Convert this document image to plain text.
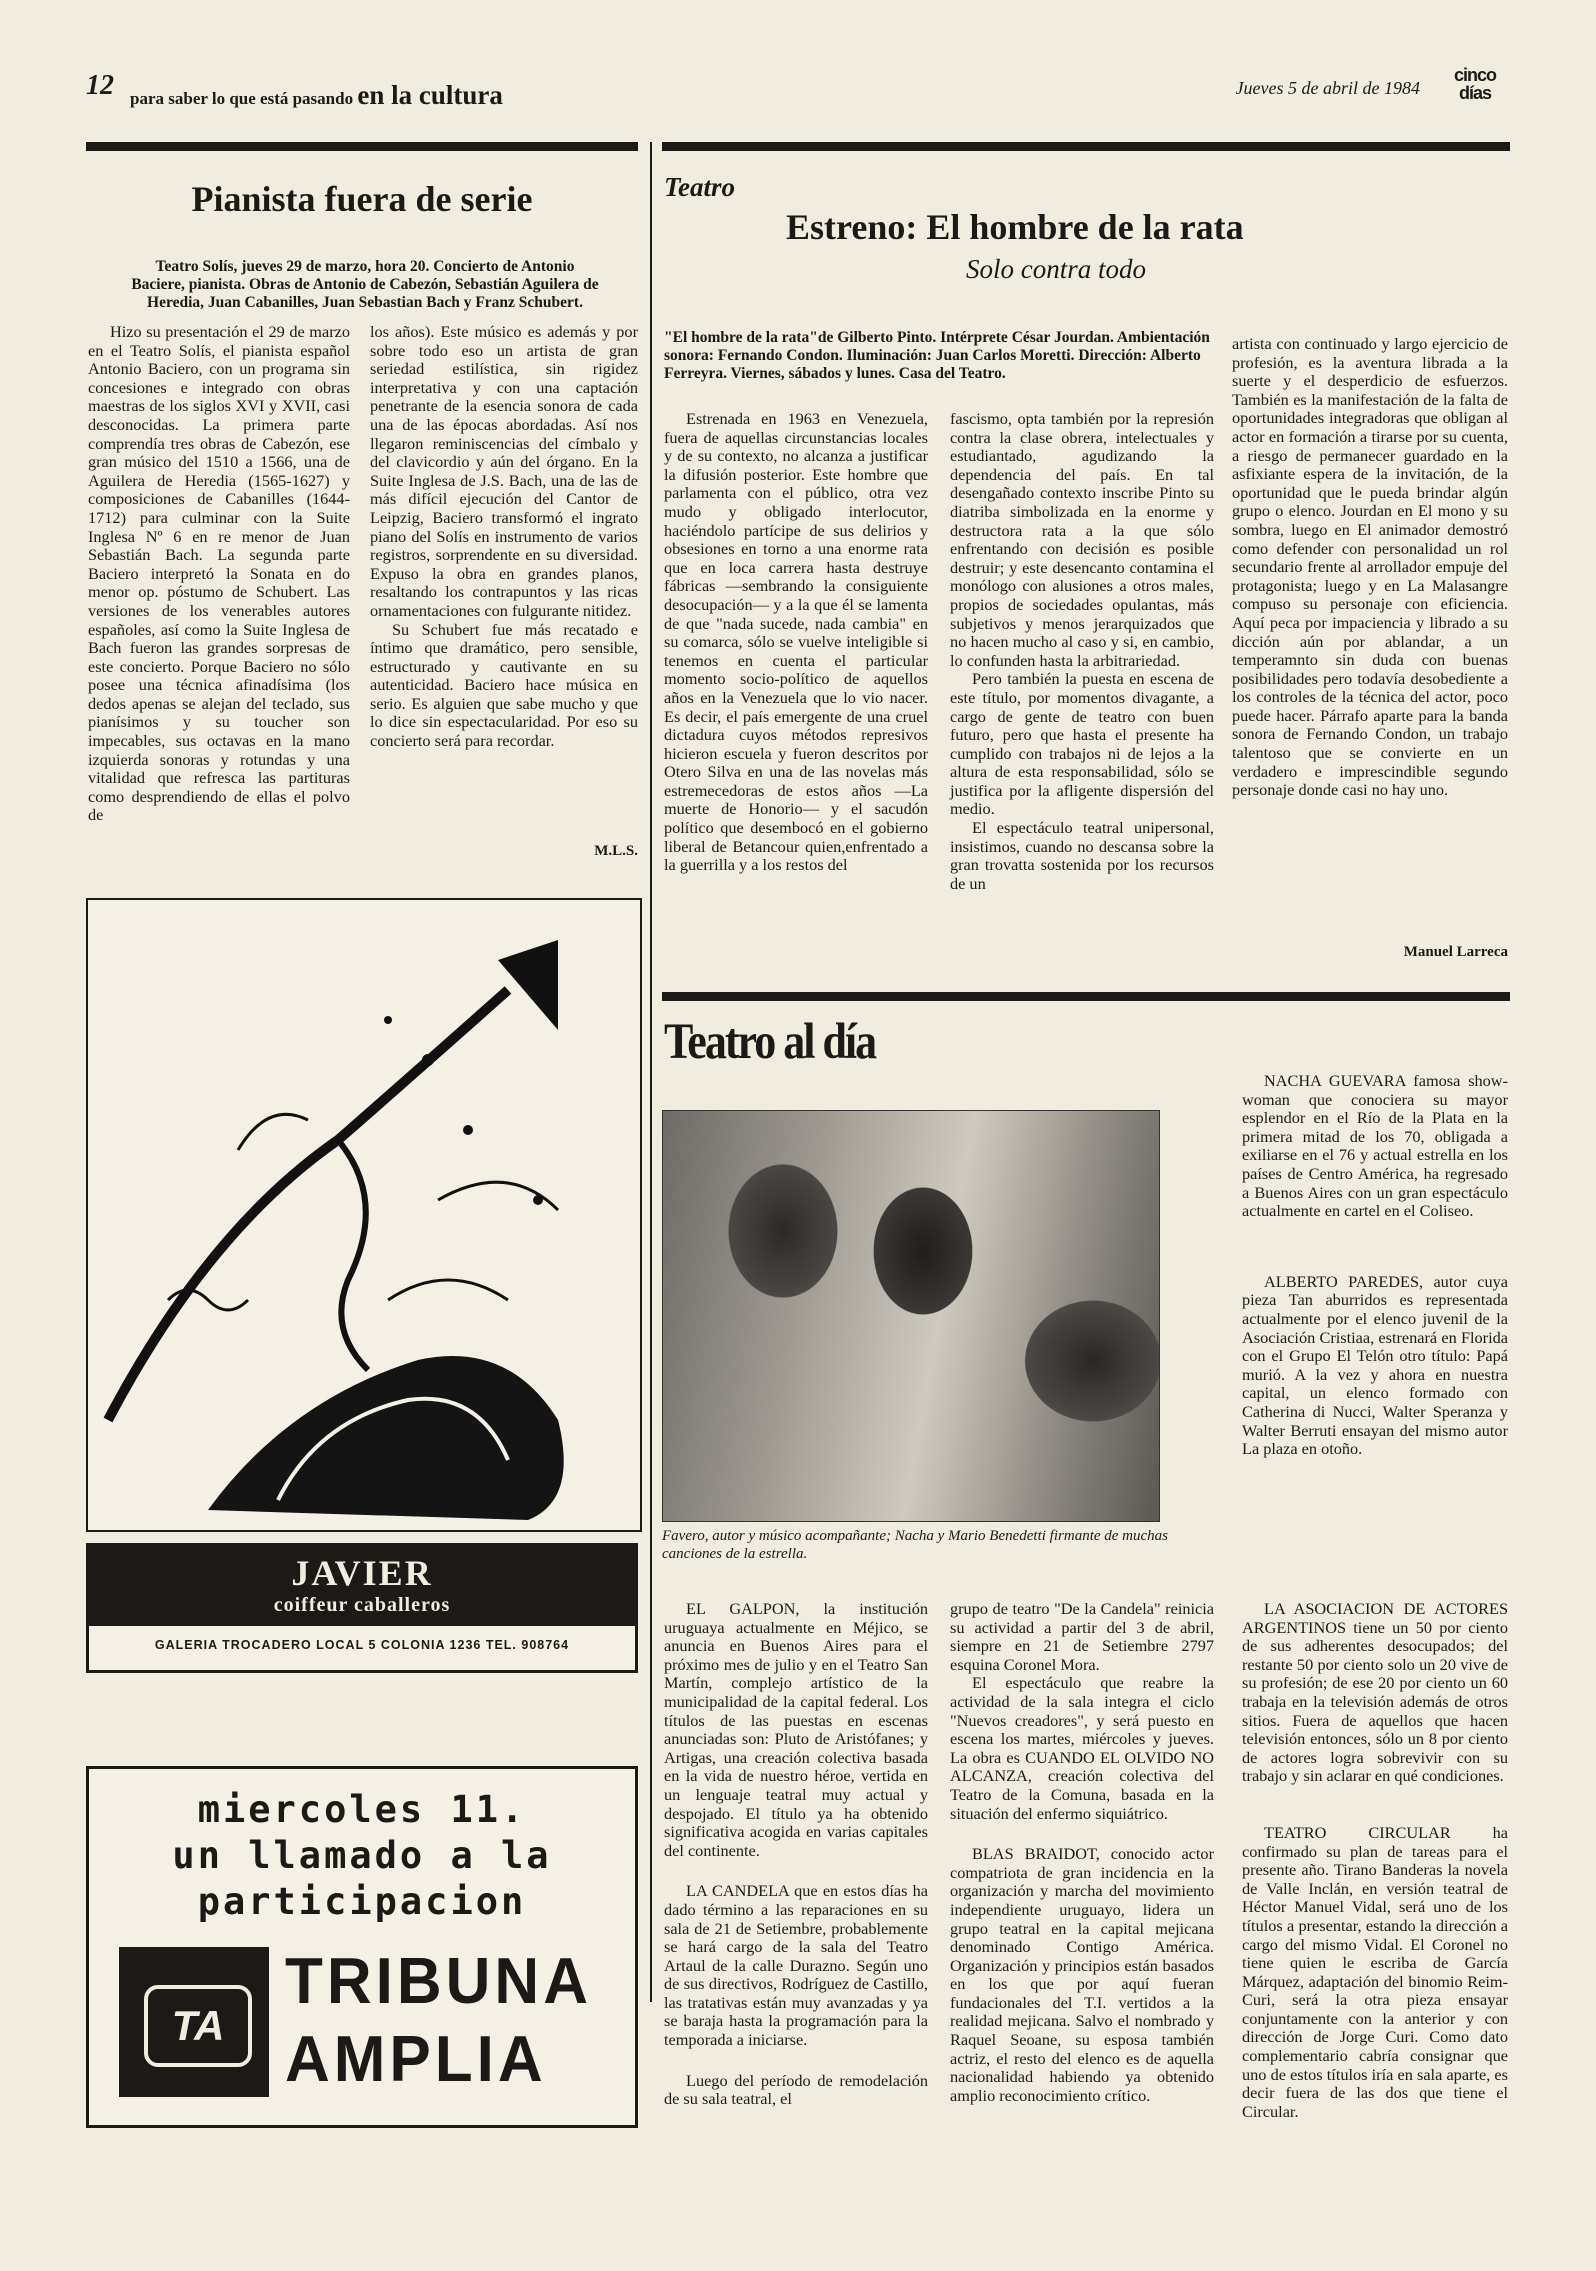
12 para saber lo que está pasando en la cultura	Jueves 5 de abril de 1984
cinco
días
Pianista fuera de serie
Teatro Solís, jueves 29 de marzo, hora 20. Concierto de Antonio Baciere, pianista. Obras de Antonio de Cabezón, Sebastián Aguilera de Heredia, Juan Cabanilles, Juan Sebastian Bach y Franz Schubert.

Hizo su presentación el 29 de marzo en el Teatro Solís, el pianista español Antonio Baciero, con un programa sin concesiones e integrado con obras maestras de los siglos XVI y XVII, casi desconocidas. La primera parte comprendía tres obras de Cabezón, ese gran músico del 1510 a 1566, una de Aguilera de Heredia (1565-1627) y composiciones de Cabanilles (1644-1712) para culminar con la Suite Inglesa Nº 6 en re menor de Juan Sebastián Bach. La segunda parte Baciero interpretó la Sonata en do menor op. póstumo de Schubert. Las versiones de los venerables autores españoles, así como la Suite Inglesa de Bach fueron las grandes sorpresas de este concierto. Porque Baciero no sólo posee una técnica afinadísima (los dedos apenas se alejan del teclado, sus pianísimos y su toucher son impecables, sus octavas en la mano izquierda sonoras y rotundas y una vitalidad que refresca las partituras como desprendiendo de ellas el polvo de

los años). Este músico es además y por sobre todo eso un artista de gran seriedad estilística, sin rigidez interpretativa y con una captación penetrante de la esencia sonora de cada una de las épocas abordadas. Así nos llegaron reminiscencias del címbalo y del clavicordio y aún del órgano. En la Suite Inglesa de J.S. Bach, una de las de más difícil ejecución del Cantor de Leipzig, Baciero transformó el ingrato piano del Solís en instrumento de varios registros, sorprendente en su diversidad. Expuso la obra en grandes planos, resaltando los contrapuntos y las ricas ornamentaciones con fulgurante nitidez.

Su Schubert fue más recatado e íntimo que dramático, pero sensible, estructurado y cautivante en su autenticidad. Baciero hace música en serio. Es alguien que sabe mucho y que lo dice sin espectacularidad. Por eso su concierto será para recordar.

M.L.S.
JAVIER
coiffeur caballeros
GALERIA TROCADERO LOCAL 5 COLONIA 1236 TEL. 908764
miercoles 11.
un llamado a la
participacion
TA
TRIBUNA
AMPLIA
Teatro
Estreno: El hombre de la rata
Solo contra todo
"El hombre de la rata"de Gilberto Pinto. Intérprete César Jourdan. Ambientación sonora: Fernando Condon. Iluminación: Juan Carlos Moretti. Dirección: Alberto Ferreyra. Viernes, sábados y lunes. Casa del Teatro.

Estrenada en 1963 en Venezuela, fuera de aquellas circunstancias locales y de su contexto, no alcanza a justificar la difusión posterior. Este hombre que parlamenta con el público, otra vez mudo y obligado interlocutor, haciéndolo partícipe de sus delirios y obsesiones en torno a una enorme rata que en loca carrera hasta destruye fábricas —sembrando la consiguiente desocupación— y a la que él se lamenta de que "nada sucede, nada cambia" en su comarca, sólo se vuelve inteligible si tenemos en cuenta el particular momento socio-político de aquellos años en la Venezuela que lo vio nacer. Es decir, el país emergente de una cruel dictadura cuyos métodos represivos hicieron escuela y fueron descritos por Otero Silva en una de las novelas más estremecedoras de estos años —La muerte de Honorio— y el sacudón político que desembocó en el gobierno liberal de Betancour quien,enfrentado a la guerrilla y a los restos del

fascismo, opta también por la represión contra la clase obrera, intelectuales y estudiantado, agudizando la dependencia del país. En tal desengañado contexto inscribe Pinto su diatriba simbolizada en la enorme y destructora rata a la que sólo enfrentando con decisión es posible destruir; y este desencanto contamina el monólogo con alusiones a otros males, propios de sociedades opulantas, más subjetivos y menos jerarquizados que no hacen mucho al caso y si, en cambio, lo confunden hasta la arbitrariedad.

Pero también la puesta en escena de este título, por momentos divagante, a cargo de gente de teatro con buen futuro, pero que hasta el presente ha cumplido con trabajos ni de lejos a la altura de esta responsabilidad, sólo se justifica por la afligente dispersión del medio.

El espectáculo teatral unipersonal, insistimos, cuando no descansa sobre la gran trovatta sostenida por los recursos de un

artista con continuado y largo ejercicio de profesión, es la aventura librada a la suerte y el desperdicio de esfuerzos. También es la manifestación de la falta de oportunidades integradoras que obligan al actor en formación a tirarse por su cuenta, a riesgo de permanecer guardado en la asfixiante espera de la invitación, de la oportunidad que le pueda brindar algún grupo o elenco. Jourdan en El mono y su sombra, luego en El animador demostró como defender con personalidad un rol secundario frente al arrollador empuje del protagonista; luego y en La Malasangre compuso su personaje con eficiencia. Aquí peca por impaciencia y librado a su dicción aún por ablandar, a un temperamnto sin duda con buenas posibilidades pero todavía desobediente a los controles de la técnica del actor, poco puede hacer. Párrafo aparte para la banda sonora de Fernando Condon, un trabajo talentoso que se convierte en un verdadero e imprescindible segundo personaje donde casi no hay uno.

Manuel Larreca
Teatro al día
Favero, autor y músico acompañante; Nacha y Mario Benedetti firmante de muchas canciones de la estrella.

NACHA GUEVARA famosa show-woman que conociera su mayor esplendor en el Río de la Plata en la primera mitad de los 70, obligada a exiliarse en el 76 y actual estrella en los países de Centro América, ha regresado a Buenos Aires con un gran espectáculo actualmente en cartel en el Coliseo.

ALBERTO PAREDES, autor cuya pieza Tan aburridos es representada actualmente por el elenco juvenil de la Asociación Cristiaa, estrenará en Florida con el Grupo El Telón otro título: Papá murió. A la vez y ahora en nuestra capital, un elenco formado con Catherina di Nucci, Walter Speranza y Walter Berruti ensayan del mismo autor La plaza en otoño.

EL GALPON, la institución uruguaya actualmente en Méjico, se anuncia en Buenos Aires para el próximo mes de julio y en el Teatro San Martín, complejo artístico de la municipalidad de la capital federal. Los títulos de las puestas en escenas anunciadas son: Pluto de Aristófanes; y Artigas, una creación colectiva basada en la vida de nuestro héroe, vertida en un lenguaje teatral muy actual y despojado. El título ya ha obtenido significativa acogida en varias capitales del continente.

LA CANDELA que en estos días ha dado término a las reparaciones en su sala de 21 de Setiembre, probablemente se hará cargo de la sala del Teatro Artaul de la calle Durazno. Según uno de sus directivos, Rodríguez de Castillo, las tratativas están muy avanzadas y ya se baraja hasta la programación para la temporada a iniciarse.

Luego del período de remodelación de su sala teatral, el

grupo de teatro "De la Candela" reinicia su actividad a partir del 3 de abril, siempre en 21 de Setiembre 2797 esquina Coronel Mora.

El espectáculo que reabre la actividad de la sala integra el ciclo "Nuevos creadores", y será puesto en escena los martes, miércoles y jueves. La obra es CUANDO EL OLVIDO NO ALCANZA, creación colectiva del Teatro de la Comuna, basada en la situación del enfermo siquiátrico.

BLAS BRAIDOT, conocido actor compatriota de gran incidencia en la organización y marcha del movimiento independiente uruguayo, lidera un grupo teatral en la capital mejicana denominado Contigo América. Organización y principios están basados en los que por aquí fueran fundacionales del T.I. vertidos a la realidad mejicana. Salvo el nombrado y Raquel Seoane, su esposa también actriz, el resto del elenco es de aquella nacionalidad habiendo ya obtenido amplio reconocimiento crítico.

LA ASOCIACION DE ACTORES ARGENTINOS tiene un 50 por ciento de sus adherentes desocupados; del restante 50 por ciento solo un 20 vive de su profesión; de ese 20 por ciento un 60 trabaja en la televisión además de otros sitios. Fuera de aquellos que hacen televisión entonces, sólo un 8 por ciento de actores logra sobrevivir con su trabajo y sin aclarar en qué condiciones.

TEATRO CIRCULAR ha confirmado su plan de tareas para el presente año. Tirano Banderas la novela de Valle Inclán, en versión teatral de Héctor Manuel Vidal, será uno de los títulos a presentar, estando la dirección a cargo del mismo Vidal. El Coronel no tiene quien le escriba de García Márquez, adaptación del binomio Reim-Curi, será la otra pieza ensayar conjuntamente con la anterior y con dirección de Jorge Curi. Como dato complementario cabría consignar que uno de estos títulos iría en sala aparte, es decir fuera de las dos que tiene el Circular.
